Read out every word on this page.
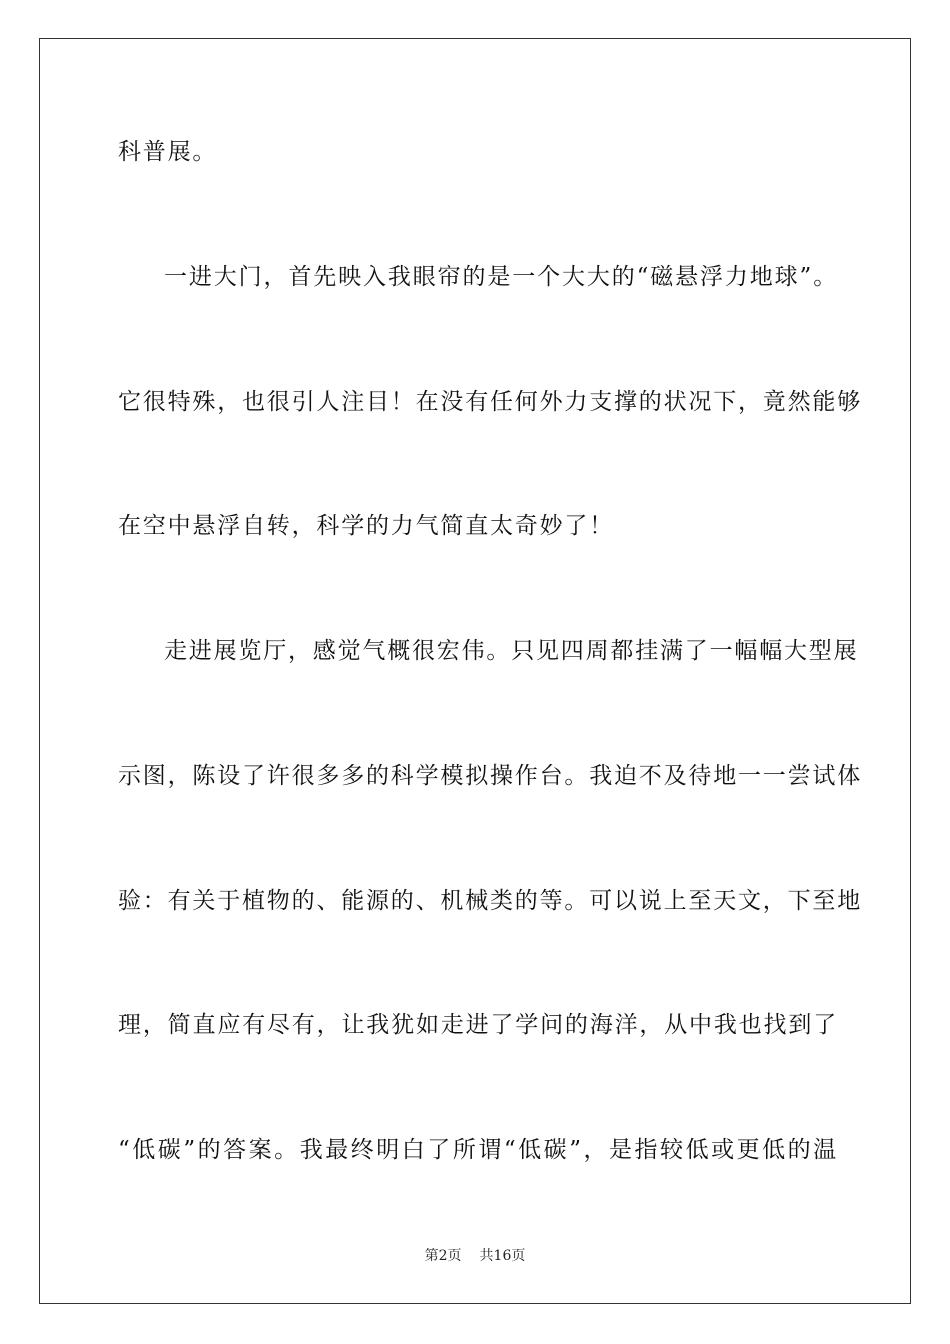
科普展。
一进大门，首先映入我眼帘的是一个大大的“磁悬浮力地球”。
它很特殊，也很引人注目！在没有任何外力支撑的状况下，竟然能够
在空中悬浮自转，科学的力气简直太奇妙了！
走进展览厅，感觉气概很宏伟。只见四周都挂满了一幅幅大型展
示图，陈设了许很多多的科学模拟操作台。我迫不及待地一一尝试体
验：有关于植物的、能源的、机械类的等。可以说上至天文，下至地
理，简直应有尽有，让我犹如走进了学问的海洋，从中我也找到了
“低碳”的答案。我最终明白了所谓“低碳”，是指较低或更低的温
第2页 共16页
